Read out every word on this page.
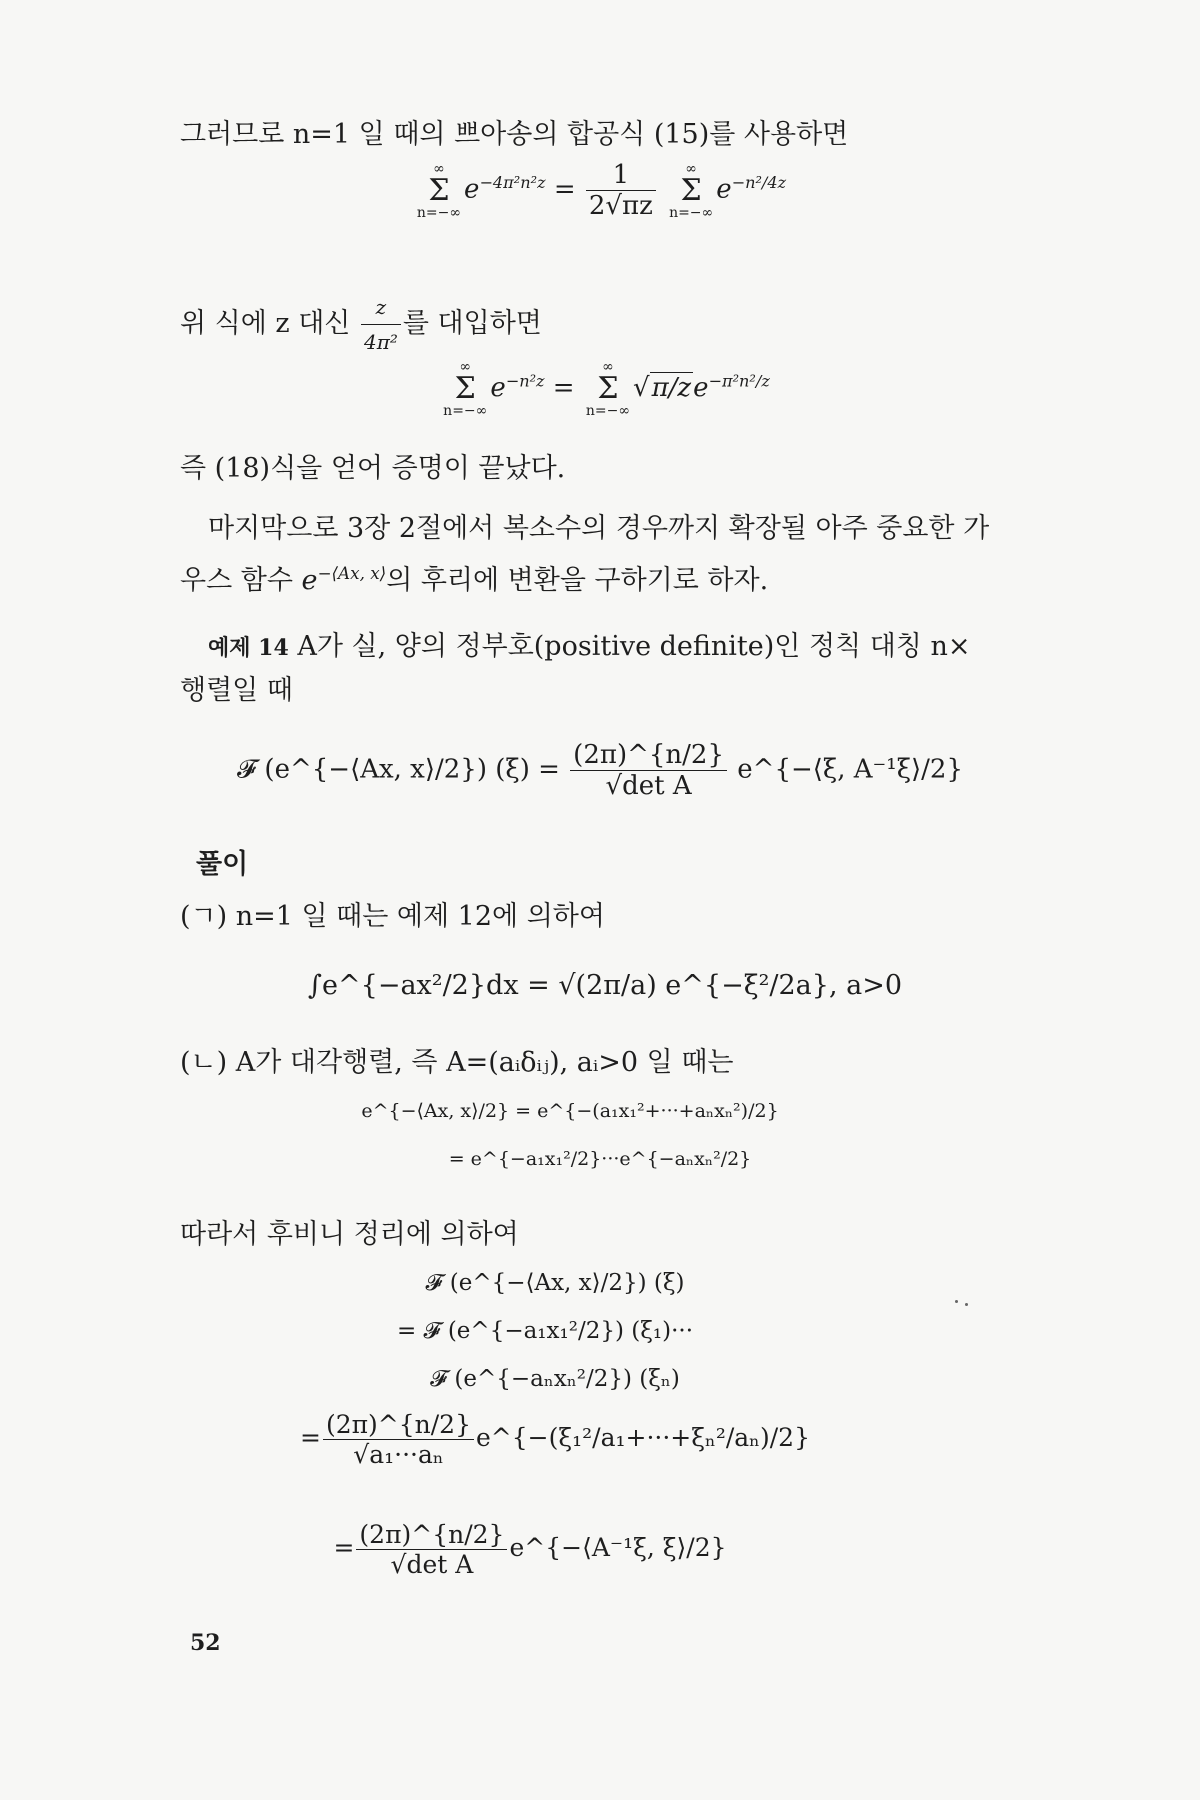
그러므로 n=1 일 때의 쁘아송의 합공식 (15)를 사용하면
∞
Σ
$n=-\infty e^{-4\pi^2n^2z} = \frac{1}{2√\pi z}$ ∞
Σ
$n=-\infty e^{-n^2/4z}$
위 식에 z 대신 $\frac{z}{\text{4π²}}$ 를 대입하면
∞
Σ
$n=-\infty e^{-n^2z}$ = ∞
Σ
$n=-\infty√\pi/ze^{-\pi^2n^2/z}$
즉 (18)식을 얻어 증명이 끝났다.
마지막으로 3장 2절에서 복소수의 경우까지 확장될 아주 중요한 가
우스 함수 $e^{-⟨Ax, x⟩}$의 후리에 변환을 구하기로 하자.
예제 14 A가 실, 양의 정부호(positive definite)인 정칙 대칭 n×
행렬일 때
𝓕 (e^{−⟨Ax, x⟩/2}) $(\xi) = \frac{(2\pi)\^{}\{n/2\}}{\text{√det A}}$ e^{−⟨ξ, A⁻¹ξ⟩/2}
풀이
(ㄱ) n=1 일 때는 예제 12에 의하여
∫e^{−ax²/2}dx = √(2π/a) e^{−ξ²/2a}, a>0
(ㄴ) A가 대각행렬, 즉 A=(aᵢδᵢⱼ), aᵢ>0 일 때는
e^{−⟨Ax, x⟩/2} = e^{−(a₁x₁²+···+aₙxₙ²)/2}
= e^{−a₁x₁²/2}···e^{−aₙxₙ²/2}
따라서 후비니 정리에 의하여
𝓕 (e^{−⟨Ax, x⟩/2}) (ξ)
= 𝓕 (e^{−a₁x₁²/2}) (ξ₁)···
𝓕 (e^{−aₙxₙ²/2}) (ξₙ)
= $\frac{(2\pi)\^{}\{n/2\}}{\text{√a₁···aₙ}}$ e^{−(ξ₁²/a₁+···+ξₙ²/aₙ)/2}
= $\frac{(2\pi)\^{}\{n/2\}}{\text{√det A}}$ e^{−⟨A⁻¹ξ, ξ⟩/2}
52
